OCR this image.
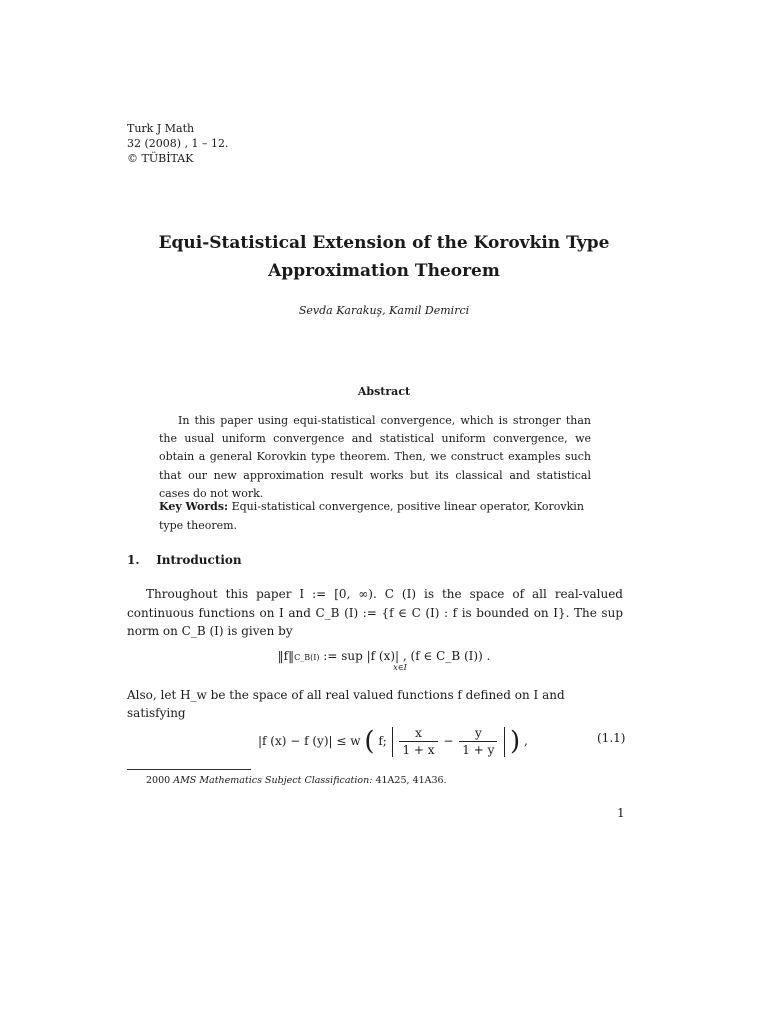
Turk J Math
32 (2008) , 1 – 12.
© TÜBİTAK
Equi-Statistical Extension of the Korovkin Type
Approximation Theorem
Sevda Karakuş, Kamil Demirci
Abstract
In this paper using equi-statistical convergence, which is stronger than the usual uniform convergence and statistical uniform convergence, we obtain a general Korovkin type theorem. Then, we construct examples such that our new approximation result works but its classical and statistical cases do not work.
Key Words: Equi-statistical convergence, positive linear operator, Korovkin type theorem.
1. Introduction
Throughout this paper I := [0, ∞). C (I) is the space of all real-valued continuous functions on I and C_B (I) := {f ∈ C (I) : f is bounded on I}. The sup norm on C_B (I) is given by
‖f‖C_B(I) := sup |f (x)| , (f ∈ C_B (I)) .
x∈I
Also, let H_w be the space of all real valued functions f defined on I and satisfying
|f (x) − f (y)| ≤ w ( f; $\frac{x}{1 + x} - \frac{y}{1 + y}$ ) ,	(1.1)
2000 AMS Mathematics Subject Classification: 41A25, 41A36.
1
